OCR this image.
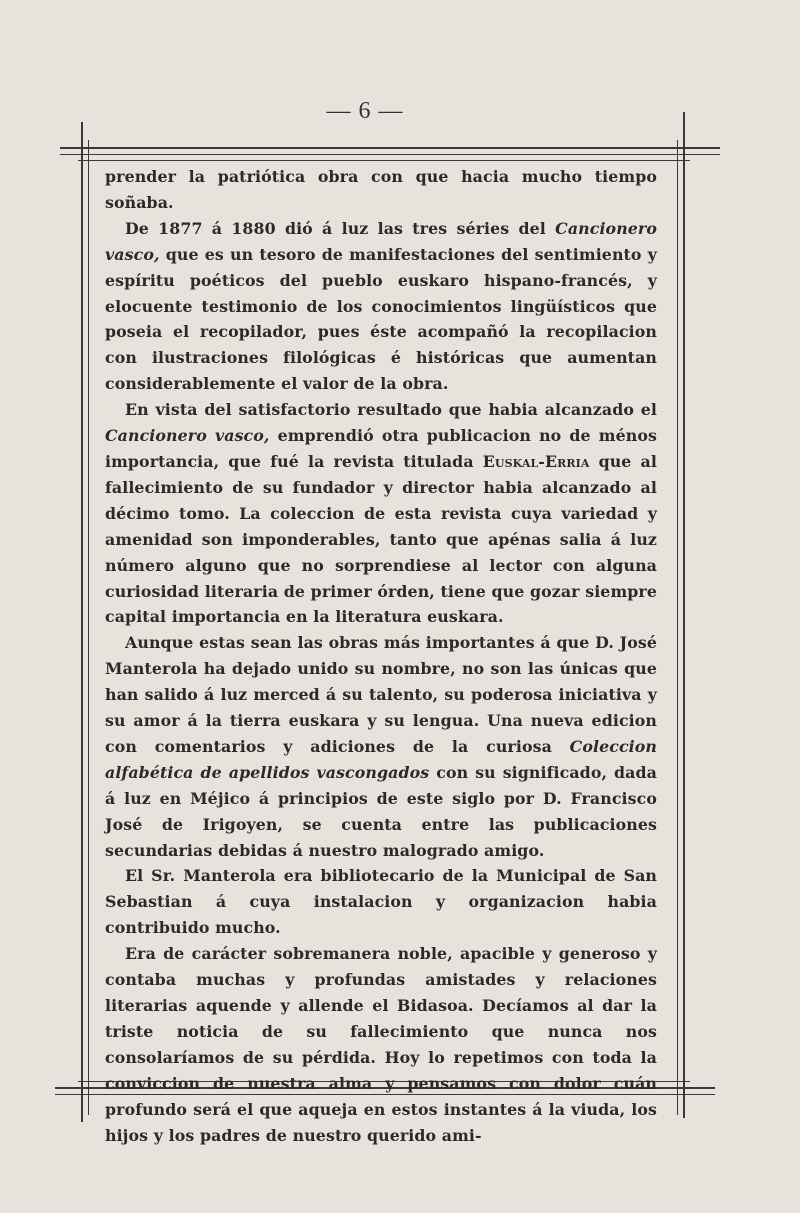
— 6 —

prender la patriótica obra con que hacia mucho tiempo soñaba.

De 1877 á 1880 dió á luz las tres séries del Cancionero vasco, que es un tesoro de manifestaciones del sentimiento y espíritu poéticos del pueblo euskaro hispano-francés, y elocuente testimonio de los conocimientos lingüísticos que poseia el recopilador, pues éste acompañó la recopilacion con ilustraciones filológicas é históricas que aumentan considerablemente el valor de la obra.

En vista del satisfactorio resultado que habia alcanzado el Cancionero vasco, emprendió otra publicacion no de ménos importancia, que fué la revista titulada Euskal-Erria que al fallecimiento de su fundador y director habia alcanzado al décimo tomo. La coleccion de esta revista cuya variedad y amenidad son imponderables, tanto que apénas salia á luz número alguno que no sorprendiese al lector con alguna curiosidad literaria de primer órden, tiene que gozar siempre capital importancia en la literatura euskara.

Aunque estas sean las obras más importantes á que D. José Manterola ha dejado unido su nombre, no son las únicas que han salido á luz merced á su talento, su poderosa iniciativa y su amor á la tierra euskara y su lengua. Una nueva edicion con comentarios y adiciones de la curiosa Coleccion alfabética de apellidos vascongados con su significado, dada á luz en Méjico á principios de este siglo por D. Francisco José de Irigoyen, se cuenta entre las publicaciones secundarias debidas á nuestro malogrado amigo.

El Sr. Manterola era bibliotecario de la Municipal de San Sebastian á cuya instalacion y organizacion habia contribuido mucho.

Era de carácter sobremanera noble, apacible y generoso y contaba muchas y profundas amistades y relaciones literarias aquende y allende el Bidasoa. Decíamos al dar la triste noticia de su fallecimiento que nunca nos consolaríamos de su pérdida. Hoy lo repetimos con toda la conviccion de nuestra alma y pensamos con dolor cuán profundo será el que aqueja en estos instantes á la viuda, los hijos y los padres de nuestro querido ami-
